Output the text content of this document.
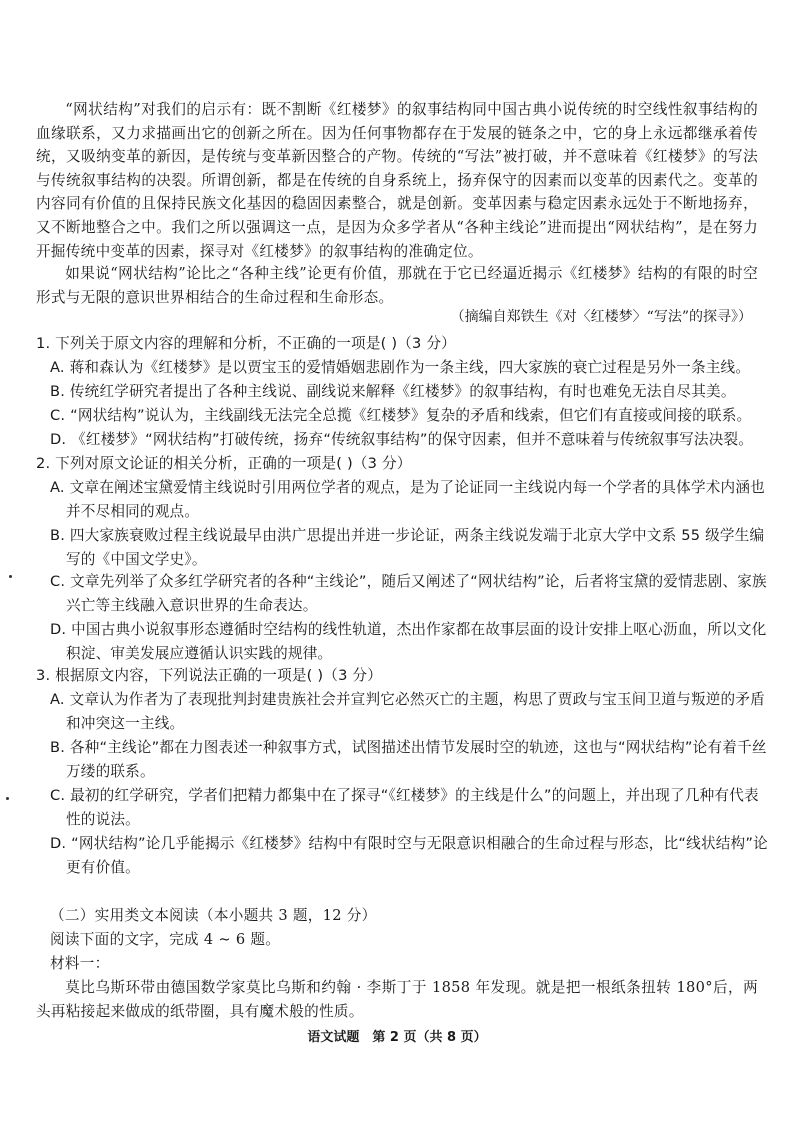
“网状结构”对我们的启示有：既不割断《红楼梦》的叙事结构同中国古典小说传统的时空线性叙事结构的血缘联系，又力求描画出它的创新之所在。因为任何事物都存在于发展的链条之中，它的身上永远都继承着传统，又吸纳变革的新因，是传统与变革新因整合的产物。传统的“写法”被打破，并不意味着《红楼梦》的写法与传统叙事结构的决裂。所谓创新，都是在传统的自身系统上，扬弃保守的因素而以变革的因素代之。变革的内容同有价值的且保持民族文化基因的稳固因素整合，就是创新。变革因素与稳定因素永远处于不断地扬弃，又不断地整合之中。我们之所以强调这一点，是因为众多学者从“各种主线论”进而提出“网状结构”，是在努力开掘传统中变革的因素，探寻对《红楼梦》的叙事结构的准确定位。

如果说“网状结构”论比之“各种主线”论更有价值，那就在于它已经逼近揭示《红楼梦》结构的有限的时空形式与无限的意识世界相结合的生命过程和生命形态。

（摘编自郑铁生《对〈红楼梦〉“写法”的探寻》）

1. 下列关于原文内容的理解和分析，不正确的一项是( )（3 分）

A. 蒋和森认为《红楼梦》是以贾宝玉的爱情婚姻悲剧作为一条主线，四大家族的衰亡过程是另外一条主线。

B. 传统红学研究者提出了各种主线说、副线说来解释《红楼梦》的叙事结构，有时也难免无法自尽其美。

C. “网状结构”说认为，主线副线无法完全总揽《红楼梦》复杂的矛盾和线索，但它们有直接或间接的联系。

D. 《红楼梦》“网状结构”打破传统，扬弃“传统叙事结构”的保守因素，但并不意味着与传统叙事写法决裂。

2. 下列对原文论证的相关分析，正确的一项是( )（3 分）

A. 文章在阐述宝黛爱情主线说时引用两位学者的观点，是为了论证同一主线说内每一个学者的具体学术内涵也并不尽相同的观点。

B. 四大家族衰败过程主线说最早由洪广思提出并进一步论证，两条主线说发端于北京大学中文系 55 级学生编写的《中国文学史》。

C. 文章先列举了众多红学研究者的各种“主线论”，随后又阐述了“网状结构”论，后者将宝黛的爱情悲剧、家族兴亡等主线融入意识世界的生命表达。

D. 中国古典小说叙事形态遵循时空结构的线性轨道，杰出作家都在故事层面的设计安排上呕心沥血，所以文化积淀、审美发展应遵循认识实践的规律。

3. 根据原文内容，下列说法正确的一项是( )（3 分）

A. 文章认为作者为了表现批判封建贵族社会并宣判它必然灭亡的主题，构思了贾政与宝玉间卫道与叛逆的矛盾和冲突这一主线。

B. 各种“主线论”都在力图表述一种叙事方式，试图描述出情节发展时空的轨迹，这也与“网状结构”论有着千丝万缕的联系。

C. 最初的红学研究，学者们把精力都集中在了探寻“《红楼梦》的主线是什么”的问题上，并出现了几种有代表性的说法。

D. “网状结构”论几乎能揭示《红楼梦》结构中有限时空与无限意识相融合的生命过程与形态，比“线状结构”论更有价值。

（二）实用类文本阅读（本小题共 3 题，12 分）

阅读下面的文字，完成 4 ~ 6 题。

材料一：

莫比乌斯环带由德国数学家莫比乌斯和约翰 · 李斯丁于 1858 年发现。就是把一根纸条扭转 180°后，两头再粘接起来做成的纸带圈，具有魔术般的性质。

语文试题　第 2 页（共 8 页）
